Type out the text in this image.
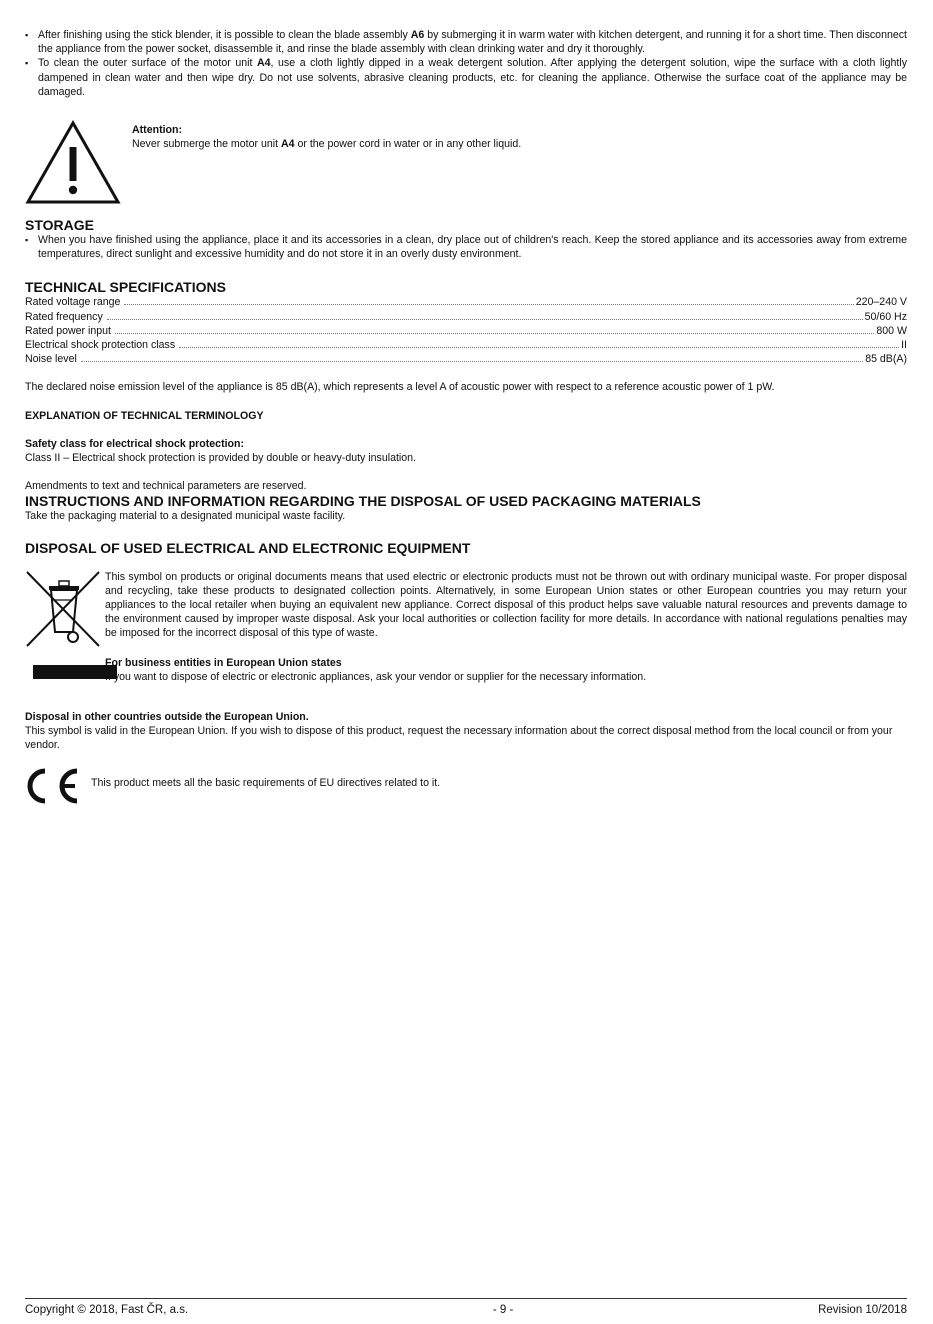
▪ After finishing using the stick blender, it is possible to clean the blade assembly A6 by submerging it in warm water with kitchen detergent, and running it for a short time. Then disconnect the appliance from the power socket, disassemble it, and rinse the blade assembly with clean drinking water and dry it thoroughly.

▪ To clean the outer surface of the motor unit A4, use a cloth lightly dipped in a weak detergent solution. After applying the detergent solution, wipe the surface with a cloth lightly dampened in clean water and then wipe dry. Do not use solvents, abrasive cleaning products, etc. for cleaning the appliance. Otherwise the surface coat of the appliance may be damaged.

Attention:
Never submerge the motor unit A4 or the power cord in water or in any other liquid.
STORAGE

▪ When you have finished using the appliance, place it and its accessories in a clean, dry place out of children's reach. Keep the stored appliance and its accessories away from extreme temperatures, direct sunlight and excessive humidity and do not store it in an overly dusty environment.

TECHNICAL SPECIFICATIONS
Rated voltage range	220–240 V
Rated frequency	50/60 Hz
Rated power input	800 W
Electrical shock protection class	II
Noise level	85 dB(A)

The declared noise emission level of the appliance is 85 dB(A), which represents a level A of acoustic power with respect to a reference acoustic power of 1 pW.

EXPLANATION OF TECHNICAL TERMINOLOGY

Safety class for electrical shock protection:

Class II – Electrical shock protection is provided by double or heavy-duty insulation.

Amendments to text and technical parameters are reserved.

INSTRUCTIONS AND INFORMATION REGARDING THE DISPOSAL OF USED PACKAGING MATERIALS

Take the packaging material to a designated municipal waste facility.

DISPOSAL OF USED ELECTRICAL AND ELECTRONIC EQUIPMENT
This symbol on products or original documents means that used electric or electronic products must not be thrown out with ordinary municipal waste. For proper disposal and recycling, take these products to designated collection points. Alternatively, in some European Union states or other European countries you may return your appliances to the local retailer when buying an equivalent new appliance. Correct disposal of this product helps save valuable natural resources and prevents damage to the environment caused by improper waste disposal. Ask your local authorities or collection facility for more details. In accordance with national regulations penalties may be imposed for the incorrect disposal of this type of waste.
For business entities in European Union states
If you want to dispose of electric or electronic appliances, ask your vendor or supplier for the necessary information.

Disposal in other countries outside the European Union.

This symbol is valid in the European Union. If you wish to dispose of this product, request the necessary information about the correct disposal method from the local council or from your vendor.

This product meets all the basic requirements of EU directives related to it.
Copyright © 2018, Fast ČR, a.s.	- 9 -	Revision 10/2018
